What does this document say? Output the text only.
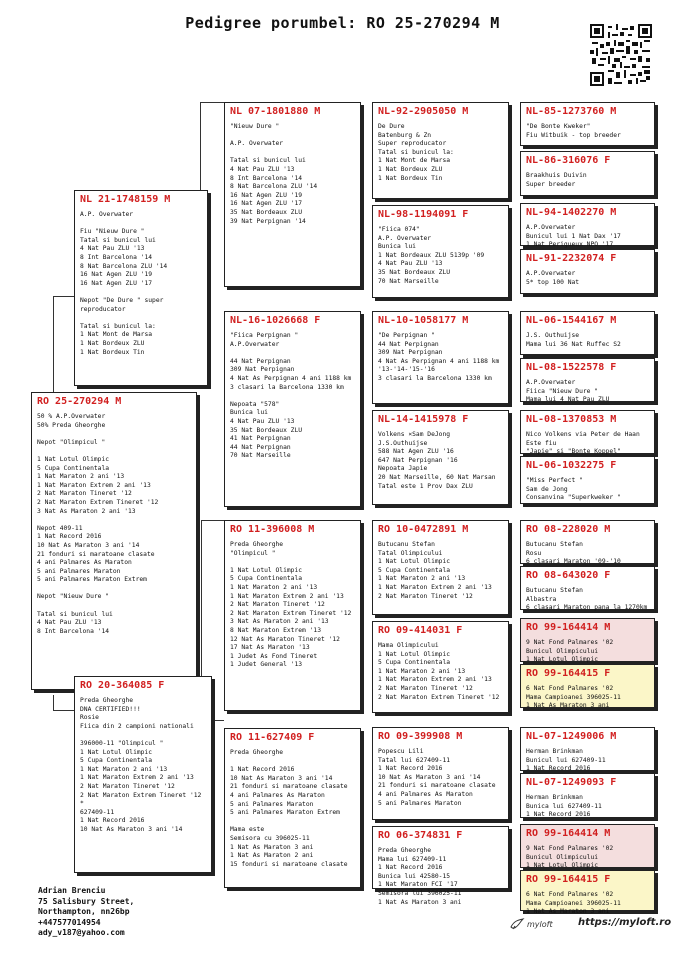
Pedigree porumbel: RO 25-270294 M
RO 25-270294 M
50 % A.P.Overwater
50% Preda Gheorghe
Nepot "Olimpicul "
1 Nat Lotul Olimpic
5 Cupa Continentala
1 Nat Maraton 2 ani '13
1 Nat Maraton Extrem 2 ani '13
2 Nat Maraton Tineret '12
2 Nat Maraton Extrem Tineret '12
3 Nat As Maraton 2 ani '13
Nepot 409-11
1 Nat Record 2016
10 Nat As Maraton 3 ani '14
21 fonduri si maratoane clasate
4 ani Palmares As Maraton
5 ani Palmares Maraton
5 ani Palmares Maraton Extrem
Nepot "Nieuw Dure "
Tatal si bunicul lui
4 Nat Pau ZLU '13
8 Int Barcelona '14
NL 21-1748159 M
A.P. Overwater
Fiu "Nieuw Dure "
Tatal si bunicul lui
4 Nat Pau ZLU '13
8 Int Barcelona '14
8 Nat Barcelona ZLU '14
16 Nat Agen ZLU '19
16 Nat Agen ZLU '17
Nepot "De Dure " super
reproducator
Tatal si bunicul la:
1 Nat Mont de Marsa
1 Nat Bordeux ZLU
1 Nat Bordeux Tin
RO 20-364085 F
Preda Gheorghe
DNA CERTIFIED!!!
Rosie
Fiica din 2 campioni nationali
396000-11 "Olimpicul "
1 Nat Lotul Olimpic
5 Cupa Continentala
1 Nat Maraton 2 ani '13
1 Nat Maraton Extrem 2 ani '13
2 Nat Maraton Tineret '12
2 Nat Maraton Extrem Tineret '12
*
627409-11
1 Nat Record 2016
10 Nat As Maraton 3 ani '14
NL 07-1801880 M
"Nieuw Dure "
A.P. Overwater
Tatal si bunicul lui
4 Nat Pau ZLU '13
8 Int Barcelona '14
8 Nat Barcelona ZLU '14
16 Nat Agen ZLU '19
16 Nat Agen ZLU '17
35 Nat Bordeaux ZLU
39 Nat Perpignan '14
NL-16-1026668 F
"Fiica Perpignan "
A.P.Overwater
44 Nat Perpignan
309 Nat Perpignan
4 Nat As Perpignan 4 ani 1188 km
3 clasari la Barcelona 1330 km
Nepoata "578"
Bunica lui
4 Nat Pau ZLU '13
35 Nat Bordeaux ZLU
41 Nat Perpignan
44 Nat Perpignan
70 Nat Marseille
RO 11-396008 M
Preda Gheorghe
"Olimpicul "
1 Nat Lotul Olimpic
5 Cupa Continentala
1 Nat Maraton 2 ani '13
1 Nat Maraton Extrem 2 ani '13
2 Nat Maraton Tineret '12
2 Nat Maraton Extrem Tineret '12
3 Nat As Maraton 2 ani '13
8 Nat Maraton Extrem '13
12 Nat As Maraton Tineret '12
17 Nat As Maraton '13
1 Judet As Fond Tineret
1 Judet General '13
RO 11-627409 F
Preda Gheorghe
1 Nat Record 2016
10 Nat As Maraton 3 ani '14
21 fonduri si maratoane clasate
4 ani Palmares As Maraton
5 ani Palmares Maraton
5 ani Palmares Maraton Extrem
Mama este
Semisora cu 396025-11
1 Nat As Maraton 3 ani
1 Nat As Maraton 2 ani
15 fonduri si maratoane clasate
NL-92-2905050 M
De Dure
Batenburg & Zn
Super reproducator
Tatal si bunicul la:
1 Nat Mont de Marsa
1 Nat Bordeux ZLU
1 Nat Bordeux Tin
NL-98-1194091 F
"Fiica 074"
A.P. Overwater
Bunica lui
1 Nat Bordeaux ZLU 5139p '09
4 Nat Pau ZLU '13
35 Nat Bordeaux ZLU
70 Nat Marseille
NL-10-1058177 M
"De Perpignan "
44 Nat Perpignan
309 Nat Perpignan
4 Nat As Perpignan 4 ani 1188 km
'13-'14-'15-'16
3 clasari la Barcelona 1330 km
NL-14-1415978 F
Volkens ×Sam DeJong
J.S.Outhuijse
588 Nat Agen ZLU '16
647 Nat Perpignan '16
Nepoata Japie
20 Nat Marseille, 60 Nat Marsan
Tatal este 1 Prov Dax ZLU
RO 10-0472891 M
Butucanu Stefan
Tatal Olimpicului
1 Nat Lotul Olimpic
5 Cupa Continentala
1 Nat Maraton 2 ani '13
1 Nat Maraton Extrem 2 ani '13
2 Nat Maraton Tineret '12
RO 09-414031 F
Mama Olimpicului
1 Nat Lotul Olimpic
5 Cupa Continentala
1 Nat Maraton 2 ani '13
1 Nat Maraton Extrem 2 ani '13
2 Nat Maraton Tineret '12
2 Nat Maraton Extrem Tineret '12
RO 09-399908 M
Popescu Lili
Tatal lui 627409-11
1 Nat Record 2016
10 Nat As Maraton 3 ani '14
21 fonduri si maratoane clasate
4 ani Palmares As Maraton
5 ani Palmares Maraton
RO 06-374831 F
Preda Gheorghe
Mama lui 627409-11
1 Nat Record 2016
Bunica lui 42580-15
1 Nat Maraton FCI '17
Semisora lui 396025-11
1 Nat As Maraton 3 ani
NL-85-1273760 M
"De Bonte Kweker"
Fiu Witbuik - top breeder
NL-86-316076 F
Braakhuis Duivin
Super breeder
NL-94-1402270 M
A.P.Overwater
Bunicul lui 1 Nat Dax '17
1 Nat Perigueux NPO '17
NL-91-2232074 F
A.P.Overwater
5* top 100 Nat
NL-06-1544167 M
J.S. Outhuijse
Mama lui 36 Nat Ruffec S2
NL-08-1522578 F
A.P.Overwater
Fiica "Nieuw Dure "
Mama lui 4 Nat Pau ZLU
NL-08-1370853 M
Nico Volkens via Peter de Haan
Este fiu
"Japie" si "Bonte Koppel"
NL-06-1032275 F
"Miss Perfect "
Sam de Jong
Consanvina "Superkweker "
RO 08-228020 M
Butucanu Stefan
Rosu
6 clasari Maraton '09-'10
RO 08-643020 F
Butucanu Stefan
Albastra
6 clasari Maraton pana la 1270km
RO 99-164414 M
9 Nat Fond Palmares '02
Bunicul Olimpicului
1 Nat Lotul Olimpic
RO 99-164415 F
6 Nat Fond Palmares '02
Mama Campioanei 396025-11
1 Nat As Maraton 3 ani
NL-07-1249006 M
Herman Brinkman
Bunicul lui 627409-11
1 Nat Record 2016
NL-07-1249093 F
Herman Brinkman
Bunica lui 627409-11
1 Nat Record 2016
RO 99-164414 M
9 Nat Fond Palmares '02
Bunicul Olimpicului
1 Nat Lotul Olimpic
RO 99-164415 F
6 Nat Fond Palmares '02
Mama Campioanei 396025-11
1 Nat As Maraton 3 ani
Adrian Brenciu
75 Salisbury Street,
Northampton, nn26bp
+447577014954
ady_v187@yahoo.com
myloft	https://myloft.ro
